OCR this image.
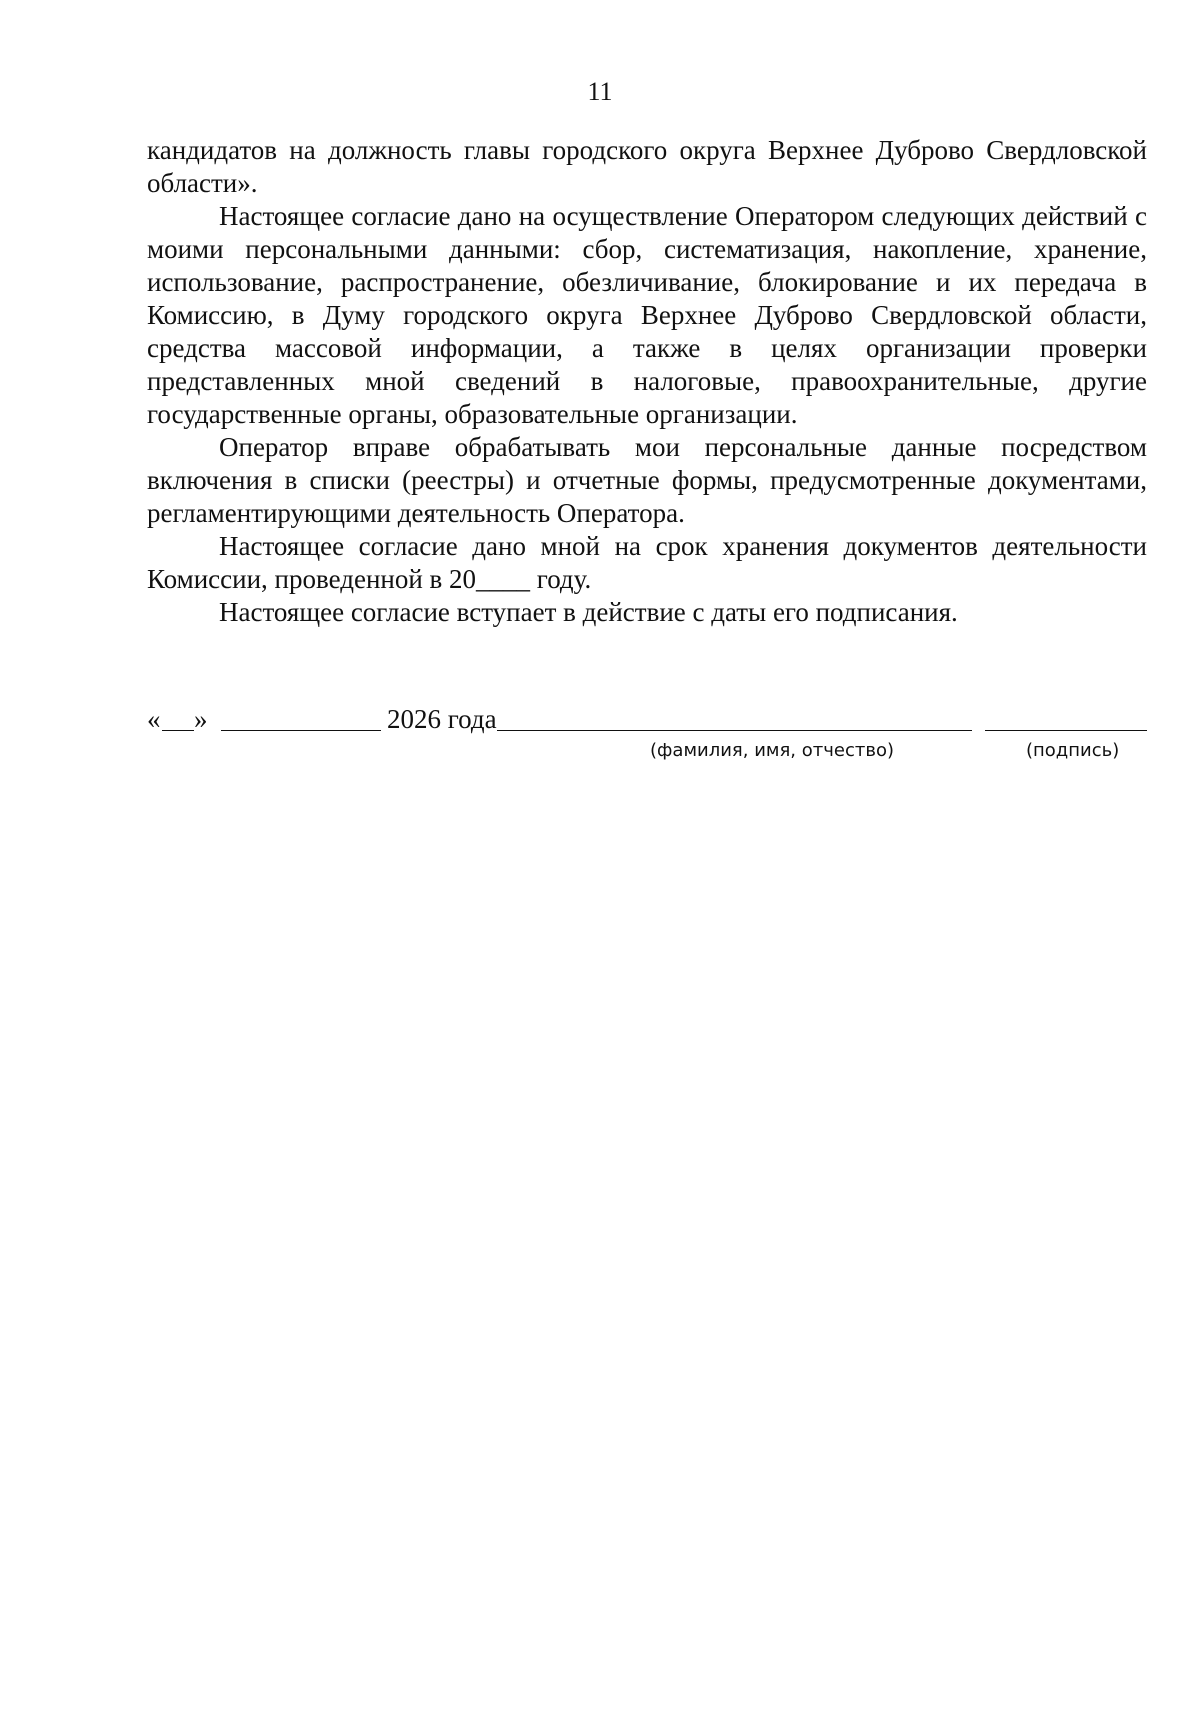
11

кандидатов на должность главы городского округа Верхнее Дуброво Свердловской области».

Настоящее согласие дано на осуществление Оператором следующих действий с моими персональными данными: сбор, систематизация, накопление, хранение, использование, распространение, обезличивание, блокирование и их передача в Комиссию, в Думу городского округа Верхнее Дуброво Свердловской области, средства массовой информации, а также в целях организации проверки представленных мной сведений в налоговые, правоохранительные, другие государственные органы, образовательные организации.

Оператор вправе обрабатывать мои персональные данные посредством включения в списки (реестры) и отчетные формы, предусмотренные документами, регламентирующими деятельность Оператора.

Настоящее согласие дано мной на срок хранения документов деятельности Комиссии, проведенной в 20____ году.

Настоящее согласие вступает в действие с даты его подписания.

« »	2026 года
(фамилия, имя, отчество)	(подпись)
